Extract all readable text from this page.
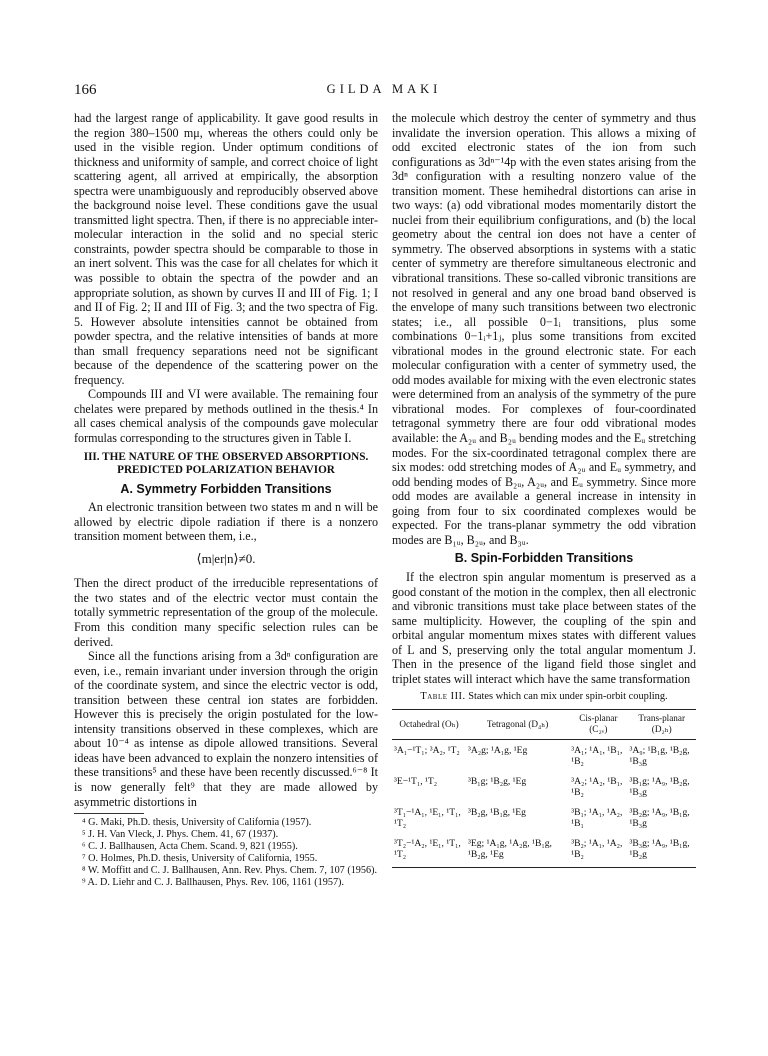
166	GILDA MAKI

had the largest range of applicability. It gave good results in the region 380–1500 mμ, whereas the others could only be used in the visible region. Under optimum conditions of thickness and uniformity of sample, and correct choice of light scattering agent, all arrived at empirically, the absorption spectra were unambiguously and reproducibly observed above the background noise level. These conditions gave the usual transmitted light spectra. Then, if there is no appreciable inter-molecular interaction in the solid and no special steric constraints, powder spectra should be comparable to those in an inert solvent. This was the case for all chelates for which it was possible to obtain the spectra of the powder and an appropriate solution, as shown by curves II and III of Fig. 1; I and II of Fig. 2; II and III of Fig. 3; and the two spectra of Fig. 5. However absolute intensities cannot be obtained from powder spectra, and the relative intensities of bands at more than small frequency separations need not be significant because of the dependence of the scattering power on the frequency.

Compounds III and VI were available. The remaining four chelates were prepared by methods outlined in the thesis.⁴ In all cases chemical analysis of the compounds gave molecular formulas corresponding to the structures given in Table I.

III. THE NATURE OF THE OBSERVED ABSORPTIONS. PREDICTED POLARIZATION BEHAVIOR
A. Symmetry Forbidden Transitions

An electronic transition between two states m and n will be allowed by electric dipole radiation if there is a nonzero transition moment between them, i.e.,

⟨m|er|n⟩≠0.

Then the direct product of the irreducible representations of the two states and of the electric vector must contain the totally symmetric representation of the group of the molecule. From this condition many specific selection rules can be derived.

Since all the functions arising from a 3dⁿ configuration are even, i.e., remain invariant under inversion through the origin of the coordinate system, and since the electric vector is odd, transition between these central ion states are forbidden. However this is precisely the origin postulated for the low-intensity transitions observed in these complexes, which are about 10⁻⁴ as intense as dipole allowed transitions. Several ideas have been advanced to explain the nonzero intensities of these transitions⁵ and these have been recently discussed.⁶⁻⁸ It is now generally felt⁹ that they are made allowed by asymmetric distortions in

⁴ G. Maki, Ph.D. thesis, University of California (1957).
⁵ J. H. Van Vleck, J. Phys. Chem. 41, 67 (1937).
⁶ C. J. Ballhausen, Acta Chem. Scand. 9, 821 (1955).
⁷ O. Holmes, Ph.D. thesis, University of California, 1955.
⁸ W. Moffitt and C. J. Ballhausen, Ann. Rev. Phys. Chem. 7, 107 (1956).
⁹ A. D. Liehr and C. J. Ballhausen, Phys. Rev. 106, 1161 (1957).

the molecule which destroy the center of symmetry and thus invalidate the inversion operation. This allows a mixing of odd excited electronic states of the ion from such configurations as 3dⁿ⁻¹4p with the even states arising from the 3dⁿ configuration with a resulting nonzero value of the transition moment. These hemihedral distortions can arise in two ways: (a) odd vibrational modes momentarily distort the nuclei from their equilibrium configurations, and (b) the local geometry about the central ion does not have a center of symmetry. The observed absorptions in systems with a static center of symmetry are therefore simultaneous electronic and vibrational transitions. These so-called vibronic transitions are not resolved in general and any one broad band observed is the envelope of many such transitions between two electronic states; i.e., all possible 0−1ᵢ transitions, plus some combinations 0−1ᵢ+1ⱼ, plus some transitions from excited vibrational modes in the ground electronic state. For each molecular configuration with a center of symmetry used, the odd modes available for mixing with the even electronic states were determined from an analysis of the symmetry of the pure vibrational modes. For complexes of four-coordinated tetragonal symmetry there are four odd vibrational modes available: the A₂ᵤ and B₂ᵤ bending modes and the Eᵤ stretching modes. For the six-coordinated tetragonal complex there are six modes: odd stretching modes of A₂ᵤ and Eᵤ symmetry, and odd bending modes of B₂ᵤ, A₂ᵤ, and Eᵤ symmetry. Since more odd modes are available a general increase in intensity in going from four to six coordinated complexes would be expected. For the trans-planar symmetry the odd vibration modes are B₁ᵤ, B₂ᵤ, and B₃ᵤ.

B. Spin-Forbidden Transitions

If the electron spin angular momentum is preserved as a good constant of the motion in the complex, then all electronic and vibronic transitions must take place between states of the same multiplicity. However, the coupling of the spin and orbital angular momentum mixes states with different values of L and S, preserving only the total angular momentum J. Then in the presence of the ligand field those singlet and triplet states will interact which have the same transformation

Table III. States which can mix under spin-orbit coupling.
Octahedral (Oₕ)	Tetragonal (D₄ₕ)	Cis-planar (C₂ᵥ)	Trans-planar (D₂ₕ)
³A₁−¹T₁; ³A₂, ¹T₂	³A₂g; ¹A₁g, ¹Eg	³A₁; ¹A₁, ¹B₁, ¹B₂	³A₉; ¹B₁g, ¹B₂g, ¹B₃g
³E−¹T₁, ¹T₂	³B₁g; ¹B₂g, ¹Eg	³A₂; ¹A₂, ¹B₁, ¹B₂	³B₁g; ¹A₉, ¹B₂g, ¹B₃g
³T₁−¹A₁, ¹E₁, ¹T₁, ¹T₂	³B₂g, ¹B₁g, ¹Eg	³B₁; ¹A₁, ¹A₂, ¹B₁	³B₂g; ¹A₉, ¹B₁g, ¹B₃g
³T₂−¹A₂, ¹E₁, ¹T₁, ¹T₂	³Eg; ¹A₁g, ¹A₂g, ¹B₁g, ¹B₂g, ¹Eg	³B₂; ¹A₁, ¹A₂, ¹B₂	³B₃g; ¹A₉, ¹B₁g, ¹B₂g
